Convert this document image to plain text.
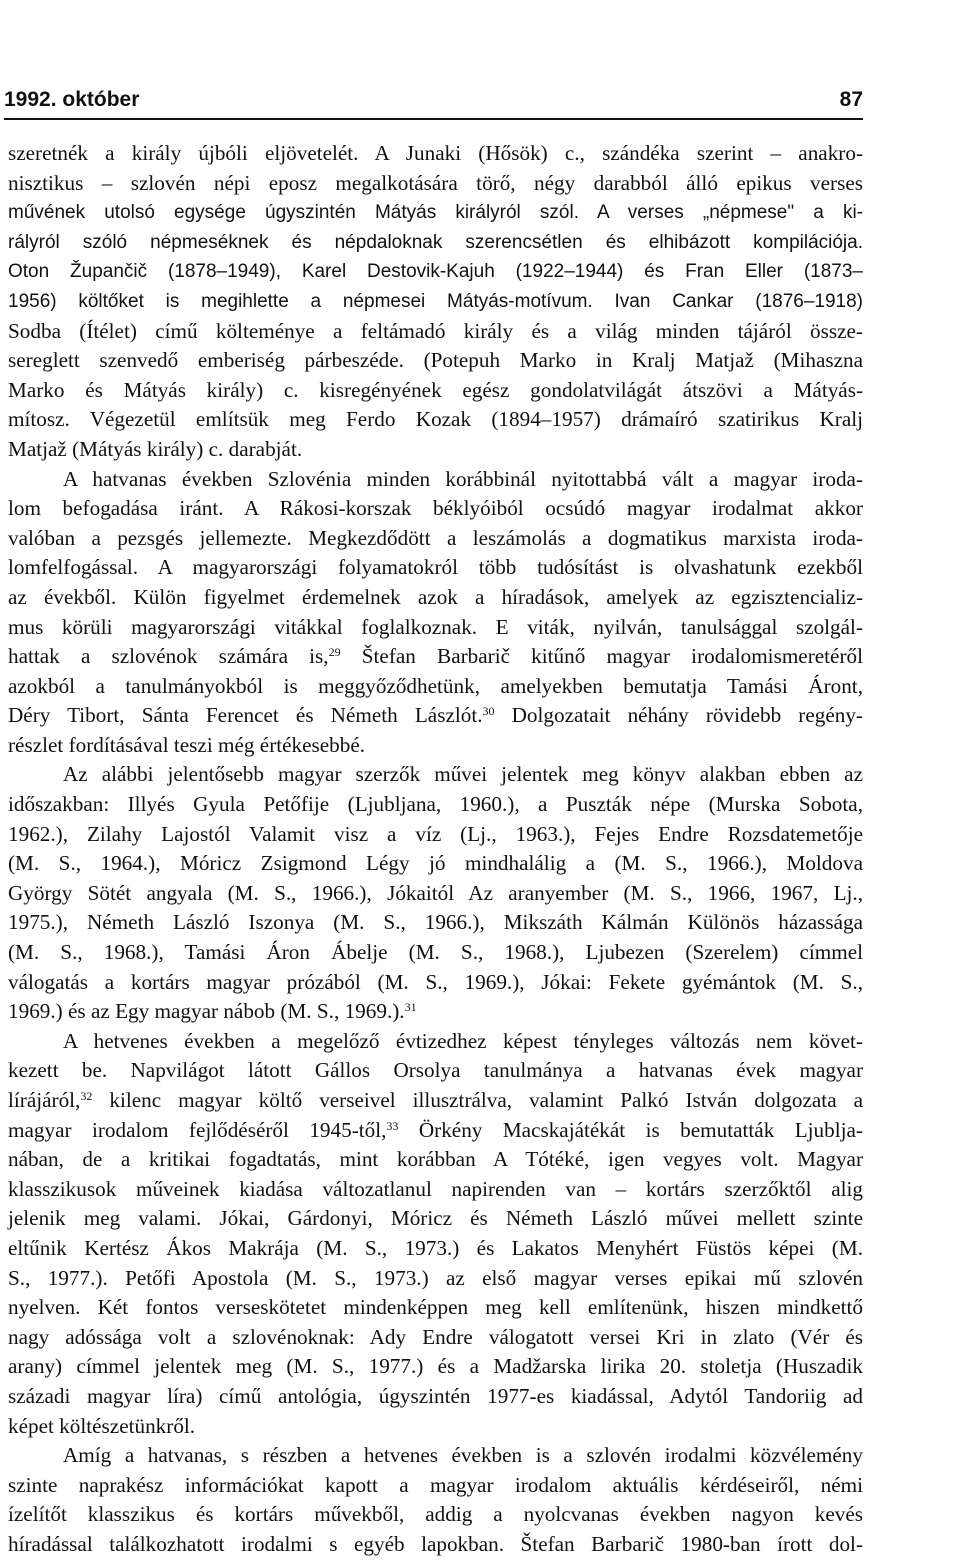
1992. október	87

szeretnék a király újbóli eljövetelét. A Junaki (Hősök) c., szándéka szerint – anakro-
nisztikus – szlovén népi eposz megalkotására törő, négy darabból álló epikus verses
művének utolsó egysége úgyszintén Mátyás királyról szól. A verses „népmese" a ki-
rályról szóló népmeséknek és népdaloknak szerencsétlen és elhibázott kompilációja.
Oton Župančič (1878–1949), Karel Destovik-Kajuh (1922–1944) és Fran Eller (1873–
1956) költőket is megihlette a népmesei Mátyás-motívum. Ivan Cankar (1876–1918)
Sodba (Ítélet) című költeménye a feltámadó király és a világ minden tájáról össze-
sereglett szenvedő emberiség párbeszéde. (Potepuh Marko in Kralj Matjaž (Mihaszna
Marko és Mátyás király) c. kisregényének egész gondolatvilágát átszövi a Mátyás-
mítosz. Végezetül említsük meg Ferdo Kozak (1894–1957) drámaíró szatirikus Kralj
Matjaž (Mátyás király) c. darabját.

A hatvanas években Szlovénia minden korábbinál nyitottabbá vált a magyar iroda-
lom befogadása iránt. A Rákosi-korszak béklyóiból ocsúdó magyar irodalmat akkor
valóban a pezsgés jellemezte. Megkezdődött a leszámolás a dogmatikus marxista iroda-
lomfelfogással. A magyarországi folyamatokról több tudósítást is olvashatunk ezekből
az évekből. Külön figyelmet érdemelnek azok a híradások, amelyek az egzisztencializ-
mus körüli magyarországi vitákkal foglalkoznak. E viták, nyilván, tanulsággal szolgál-
hattak a szlovénok számára is,$^{29}$ Štefan Barbarič kitűnő magyar irodalomismeretéről
azokból a tanulmányokból is meggyőződhetünk, amelyekben bemutatja Tamási Áront,
Déry Tibort, Sánta Ferencet és Németh Lászlót.$^{30}$ Dolgozatait néhány rövidebb regény-
részlet fordításával teszi még értékesebbé.

Az alábbi jelentősebb magyar szerzők művei jelentek meg könyv alakban ebben az
időszakban: Illyés Gyula Petőfije (Ljubljana, 1960.), a Puszták népe (Murska Sobota,
1962.), Zilahy Lajostól Valamit visz a víz (Lj., 1963.), Fejes Endre Rozsdatemetője
(M. S., 1964.), Móricz Zsigmond Légy jó mindhalálig a (M. S., 1966.), Moldova
György Sötét angyala (M. S., 1966.), Jókaitól Az aranyember (M. S., 1966, 1967, Lj.,
1975.), Németh László Iszonya (M. S., 1966.), Mikszáth Kálmán Különös házassága
(M. S., 1968.), Tamási Áron Ábelje (M. S., 1968.), Ljubezen (Szerelem) címmel
válogatás a kortárs magyar prózából (M. S., 1969.), Jókai: Fekete gyémántok (M. S.,
1969.) és az Egy magyar nábob (M. S., 1969.).$^{31}$

A hetvenes években a megelőző évtizedhez képest tényleges változás nem követ-
kezett be. Napvilágot látott Gállos Orsolya tanulmánya a hatvanas évek magyar
lírájáról,$^{32}$ kilenc magyar költő verseivel illusztrálva, valamint Palkó István dolgozata a
magyar irodalom fejlődéséről 1945-től,$^{33}$ Örkény Macskajátékát is bemutatták Ljublja-
nában, de a kritikai fogadtatás, mint korábban A Tótéké, igen vegyes volt. Magyar
klasszikusok műveinek kiadása változatlanul napirenden van – kortárs szerzőktől alig
jelenik meg valami. Jókai, Gárdonyi, Móricz és Németh László művei mellett szinte
eltűnik Kertész Ákos Makrája (M. S., 1973.) és Lakatos Menyhért Füstös képei (M.
S., 1977.). Petőfi Apostola (M. S., 1973.) az első magyar verses epikai mű szlovén
nyelven. Két fontos verseskötetet mindenképpen meg kell említenünk, hiszen mindkettő
nagy adóssága volt a szlovénoknak: Ady Endre válogatott versei Kri in zlato (Vér és
arany) címmel jelentek meg (M. S., 1977.) és a Madžarska lirika 20. stoletja (Huszadik
századi magyar líra) című antológia, úgyszintén 1977-es kiadással, Adytól Tandoriig ad
képet költészetünkről.

Amíg a hatvanas, s részben a hetvenes években is a szlovén irodalmi közvélemény
szinte naprakész információkat kapott a magyar irodalom aktuális kérdéseiről, némi
ízelítőt klasszikus és kortárs művekből, addig a nyolcvanas években nagyon kevés
híradással találkozhatott irodalmi s egyéb lapokban. Štefan Barbarič 1980-ban írott dol-
